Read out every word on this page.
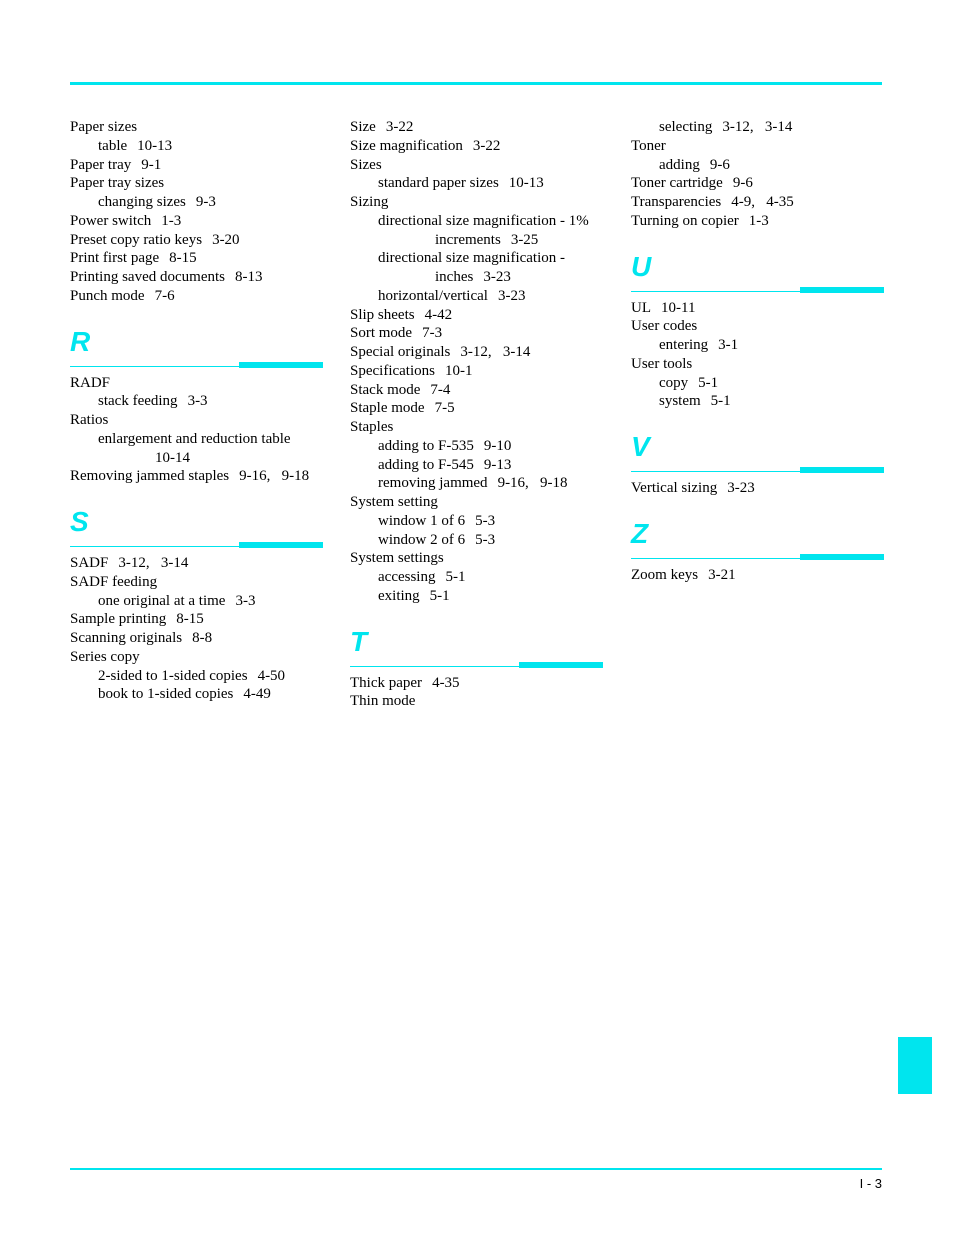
Paper sizes
table 10-13
Paper tray 9-1
Paper tray sizes
changing sizes 9-3
Power switch 1-3
Preset copy ratio keys 3-20
Print first page 8-15
Printing saved documents 8-13
Punch mode 7-6
R
RADF
stack feeding 3-3
Ratios
enlargement and reduction table
10-14
Removing jammed staples 9-16,   9-18
S
SADF 3-12,   3-14
SADF feeding
one original at a time 3-3
Sample printing 8-15
Scanning originals 8-8
Series copy
2-sided to 1-sided copies 4-50
book to 1-sided copies 4-49
Size 3-22
Size magnification 3-22
Sizes
standard paper sizes 10-13
Sizing
directional size magnification - 1%
increments 3-25
directional size magnification -
inches 3-23
horizontal/vertical 3-23
Slip sheets 4-42
Sort mode 7-3
Special originals 3-12,   3-14
Specifications 10-1
Stack mode 7-4
Staple mode 7-5
Staples
adding to F-535 9-10
adding to F-545 9-13
removing jammed 9-16,   9-18
System setting
window 1 of 6 5-3
window 2 of 6 5-3
System settings
accessing 5-1
exiting 5-1
T
Thick paper 4-35
Thin mode
selecting 3-12,   3-14
Toner
adding 9-6
Toner cartridge 9-6
Transparencies 4-9,   4-35
Turning on copier 1-3
U
UL 10-11
User codes
entering 3-1
User tools
copy 5-1
system 5-1
V
Vertical sizing 3-23
Z
Zoom keys 3-21
I - 3
